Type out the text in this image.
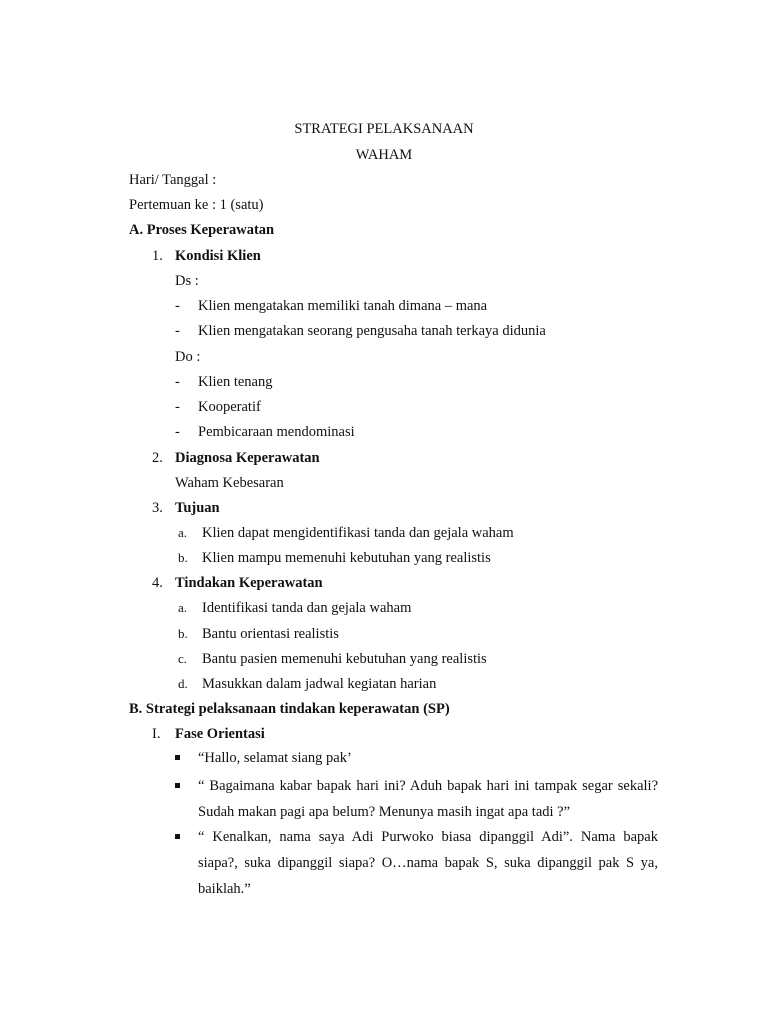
STRATEGI PELAKSANAAN
WAHAM
Hari/ Tanggal :
Pertemuan ke : 1 (satu)
A. Proses Keperawatan
1. Kondisi Klien
Ds :
- Klien mengatakan memiliki tanah dimana – mana
- Klien mengatakan seorang pengusaha tanah terkaya didunia
Do :
- Klien tenang
- Kooperatif
- Pembicaraan mendominasi
2. Diagnosa Keperawatan
Waham Kebesaran
3. Tujuan
a. Klien dapat mengidentifikasi tanda dan gejala waham
b. Klien mampu memenuhi kebutuhan yang realistis
4. Tindakan Keperawatan
a. Identifikasi tanda dan gejala waham
b. Bantu orientasi realistis
c. Bantu pasien memenuhi kebutuhan yang realistis
d. Masukkan dalam jadwal kegiatan harian
B. Strategi pelaksanaan tindakan keperawatan (SP)
I. Fase Orientasi
“Hallo, selamat siang pak’
“ Bagaimana kabar bapak hari ini? Aduh bapak hari ini tampak segar sekali? Sudah makan pagi apa belum? Menunya masih ingat apa tadi ?”
“ Kenalkan, nama saya Adi Purwoko biasa dipanggil Adi”. Nama bapak siapa?, suka dipanggil siapa? O…nama bapak S, suka dipanggil pak S ya, baiklah.”
